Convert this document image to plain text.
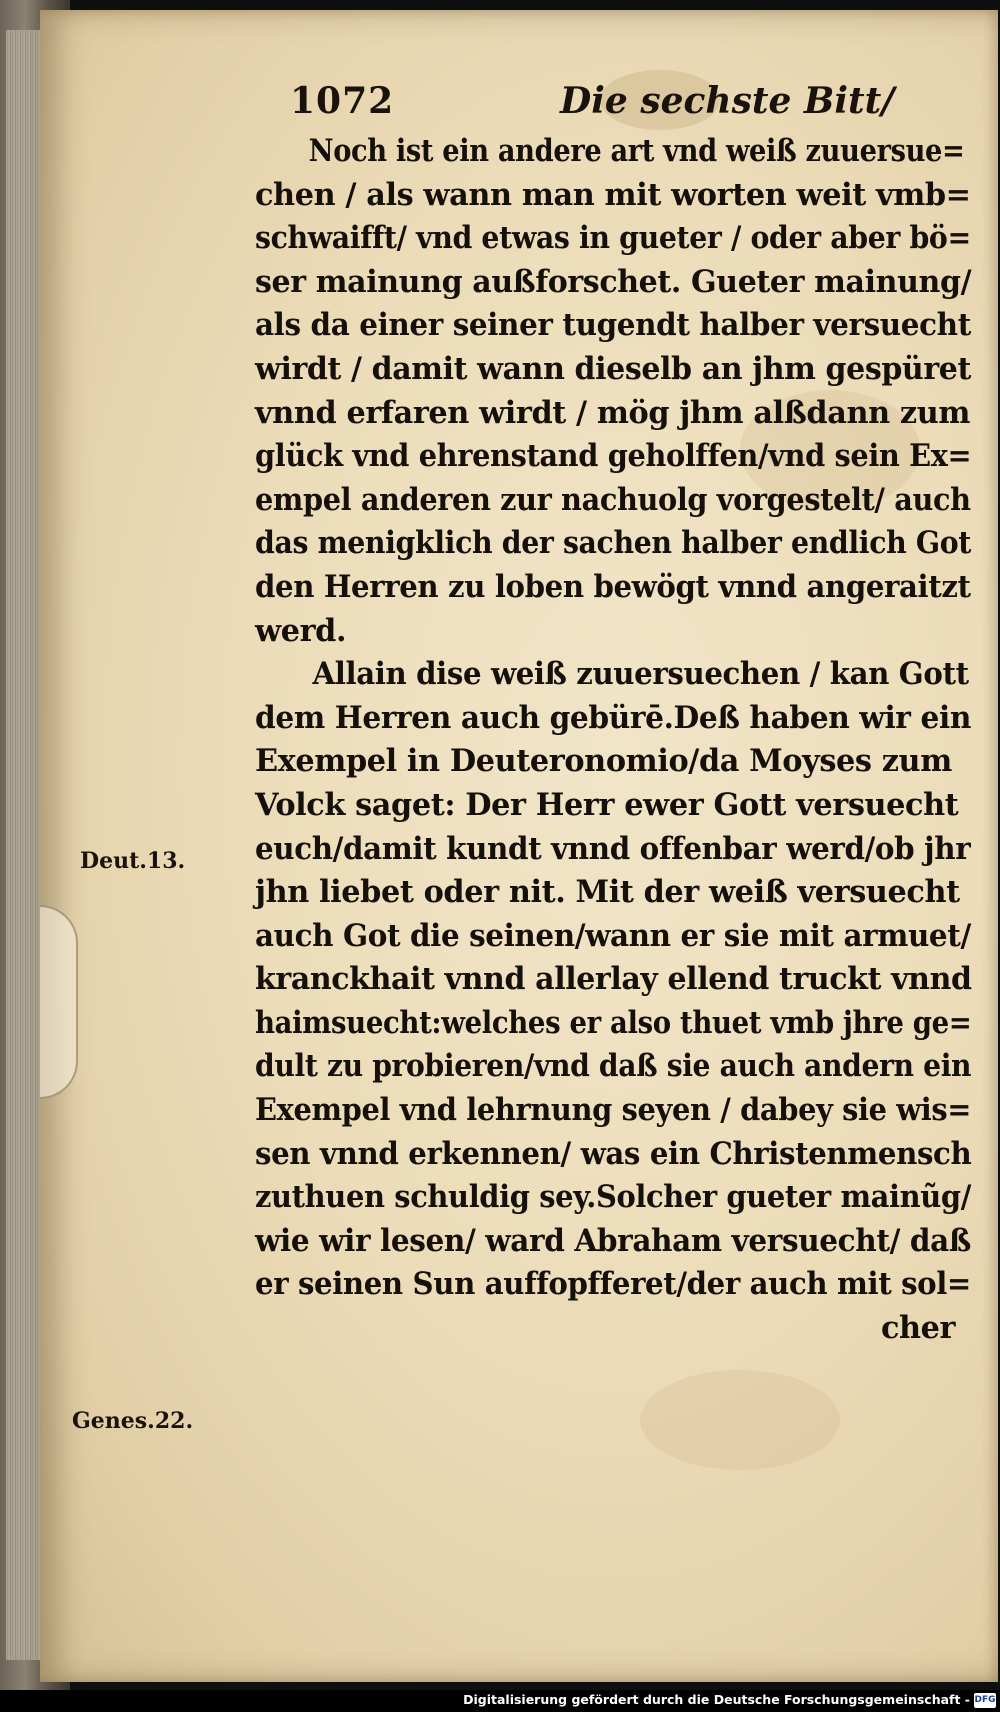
1072	Die sechste Bitt/
Deut.13.
Genes.22.
Noch ist ein andere art vnd weiß zuuersue=
chen / als wann man mit worten weit vmb=
schwaifft/ vnd etwas in gueter / oder aber bö=
ser mainung außforschet. Gueter mainung/
als da einer seiner tugendt halber versuecht
wirdt / damit wann dieselb an jhm gespüret
vnnd erfaren wirdt / mög jhm alßdann zum
glück vnd ehrenstand geholffen/vnd sein Ex=
empel anderen zur nachuolg vorgestelt/ auch
das menigklich der sachen halber endlich Got
den Herren zu loben bewögt vnnd angeraitzt
werd.
Allain dise weiß zuuersuechen / kan Gott
dem Herren auch gebürē.Deß haben wir ein
Exempel in Deuteronomio/da Moyses zum
Volck saget: Der Herr ewer Gott versuecht
euch/damit kundt vnnd offenbar werd/ob jhr
jhn liebet oder nit. Mit der weiß versuecht
auch Got die seinen/wann er sie mit armuet/
kranckhait vnnd allerlay ellend truckt vnnd
haimsuecht:welches er also thuet vmb jhre ge=
dult zu probieren/vnd daß sie auch andern ein
Exempel vnd lehrnung seyen / dabey sie wis=
sen vnnd erkennen/ was ein Christenmensch
zuthuen schuldig sey.Solcher gueter mainũg/
wie wir lesen/ ward Abraham versuecht/ daß
er seinen Sun auffopfferet/der auch mit sol=
cher
Digitalisierung gefördert durch die Deutsche Forschungsgemeinschaft - DFG
